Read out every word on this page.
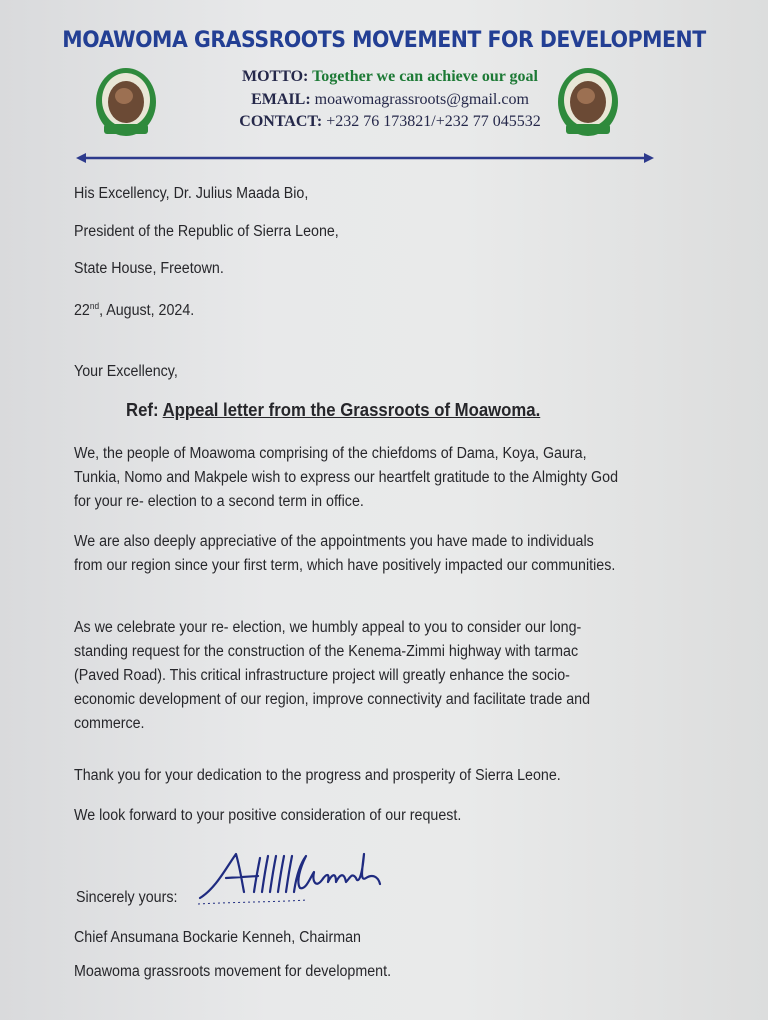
MOAWOMA GRASSROOTS MOVEMENT FOR DEVELOPMENT
MOTTO: Together we can achieve our goal
EMAIL: moawomagrassroots@gmail.com
CONTACT: +232 76 173821/+232 77 045532
His Excellency, Dr. Julius Maada Bio,
President of the Republic of Sierra Leone,
State House, Freetown.
22nd, August, 2024.
Your Excellency,
Ref: Appeal letter from the Grassroots of Moawoma.
We, the people of Moawoma comprising of the chiefdoms of Dama, Koya, Gaura, Tunkia, Nomo and Makpele wish to express our heartfelt gratitude to the Almighty God for your re- election to a second term in office.
We are also deeply appreciative of the appointments you have made to individuals from our region since your first term, which have positively impacted our communities.
As we celebrate your re- election, we humbly appeal to you to consider our long-standing request for the construction of the Kenema-Zimmi highway with tarmac (Paved Road). This critical infrastructure project will greatly enhance the socio-economic development of our region, improve connectivity and facilitate trade and commerce.
Thank you for your dedication to the progress and prosperity of Sierra Leone.
We look forward to your positive consideration of our request.
Sincerely yours:
Chief Ansumana Bockarie Kenneh, Chairman
Moawoma grassroots movement for development.
